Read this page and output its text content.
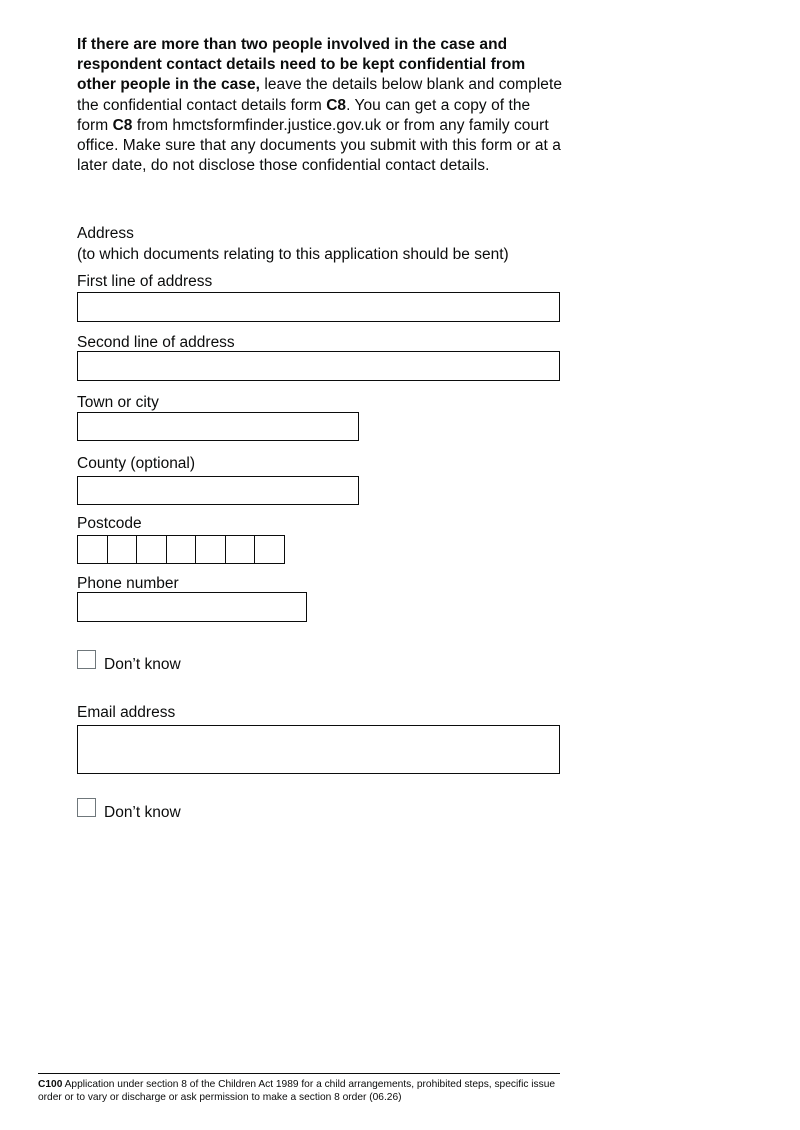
If there are more than two people involved in the case and respondent contact details need to be kept confidential from other people in the case, leave the details below blank and complete the confidential contact details form C8. You can get a copy of the form C8 from hmctsformfinder.justice.gov.uk or from any family court office. Make sure that any documents you submit with this form or at a later date, do not disclose those confidential contact details.

Address
(to which documents relating to this application should be sent)
First line of address
Second line of address
Town or city
County (optional)
Postcode
Phone number
Don’t know
Email address
Don’t know
C100 Application under section 8 of the Children Act 1989 for a child arrangements, prohibited steps, specific issue order or to vary or discharge or ask permission to make a section 8 order (06.26)
